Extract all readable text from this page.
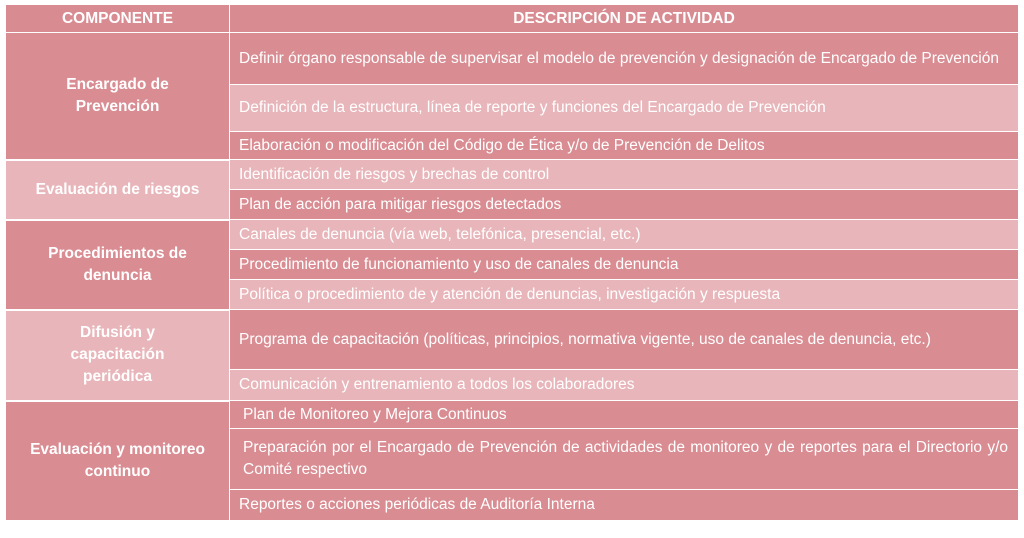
COMPONENTE	DESCRIPCIÓN DE ACTIVIDAD
Encargado de Prevención	Definir órgano responsable de supervisar el modelo de prevención y designación de Encargado de Prevención
	Definición de la estructura, línea de reporte y funciones del Encargado de Prevención
	Elaboración o modificación del Código de Ética y/o de Prevención de Delitos
Evaluación de riesgos	Identificación de riesgos y brechas de control
	Plan de acción para mitigar riesgos detectados
Procedimientos de denuncia	Canales de denuncia (vía web, telefónica, presencial, etc.)
	Procedimiento de funcionamiento y uso de canales de denuncia
	Política o procedimiento de y atención de denuncias, investigación y respuesta
Difusión y capacitación periódica	Programa de capacitación (políticas, principios, normativa vigente, uso de canales de denuncia, etc.)
	Comunicación y entrenamiento a todos los colaboradores
Evaluación y monitoreo continuo	Plan de Monitoreo y Mejora Continuos
	Preparación por el Encargado de Prevención de actividades de monitoreo y de reportes para el Directorio y/o Comité respectivo
	Reportes o acciones periódicas de Auditoría Interna
